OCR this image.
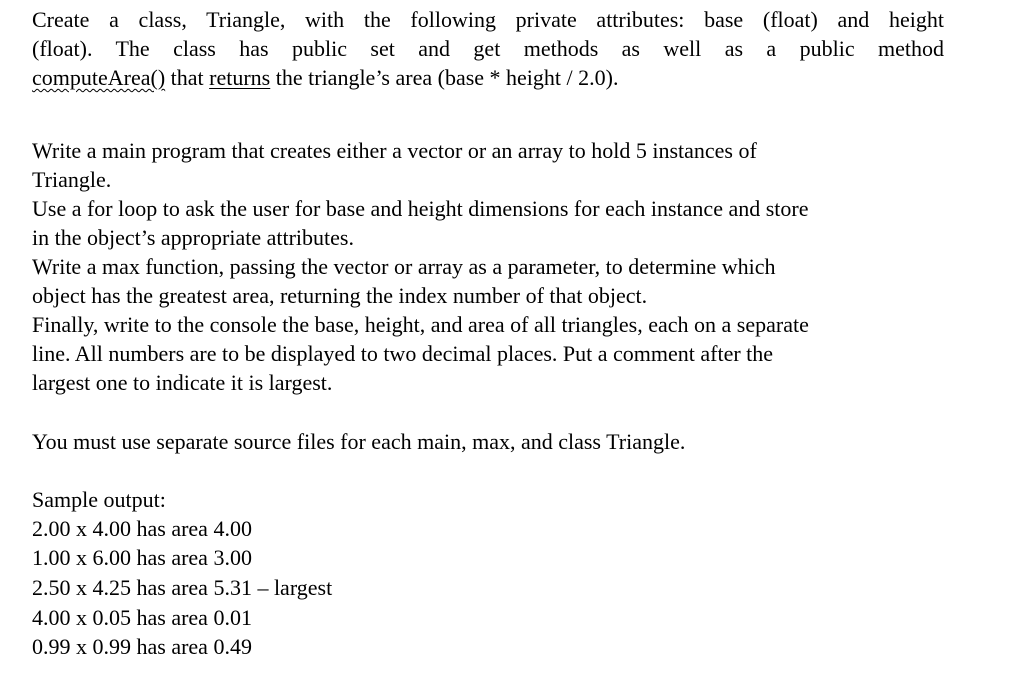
Create a class, Triangle, with the following private attributes: base (float) and height
(float). The class has public set and get methods as well as a public method
computeArea() that returns the triangle’s area (base * height / 2.0).
Write a main program that creates either a vector or an array to hold 5 instances of
Triangle.
Use a for loop to ask the user for base and height dimensions for each instance and store
in the object’s appropriate attributes.
Write a max function, passing the vector or array as a parameter, to determine which
object has the greatest area, returning the index number of that object.
Finally, write to the console the base, height, and area of all triangles, each on a separate
line. All numbers are to be displayed to two decimal places. Put a comment after the
largest one to indicate it is largest.
You must use separate source files for each main, max, and class Triangle.
Sample output:
2.00 x 4.00 has area 4.00
1.00 x 6.00 has area 3.00
2.50 x 4.25 has area 5.31 – largest
4.00 x 0.05 has area 0.01
0.99 x 0.99 has area 0.49
